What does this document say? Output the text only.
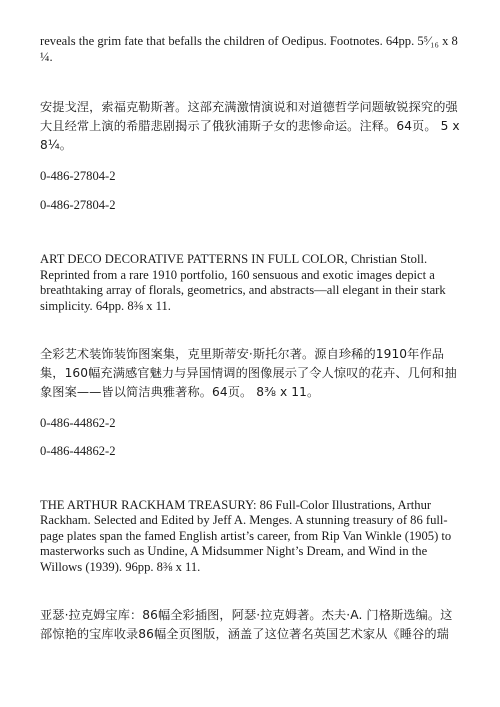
reveals the grim fate that befalls the children of Oedipus. Footnotes. 64pp. 5⁵⁄₁₆ x 8 ¼.

安提戈涅，索福克勒斯著。这部充满激情演说和对道德哲学问题敏锐探究的强大且经常上演的希腊悲剧揭示了俄狄浦斯子女的悲惨命运。注释。64页。 5 x 8¼。

0-486-27804-2

0-486-27804-2

ART DECO DECORATIVE PATTERNS IN FULL COLOR, Christian Stoll. Reprinted from a rare 1910 portfolio, 160 sensuous and exotic images depict a breathtaking array of florals, geometrics, and abstracts—all elegant in their stark simplicity. 64pp. 8⅜ x 11.

全彩艺术装饰装饰图案集，克里斯蒂安·斯托尔著。源自珍稀的1910年作品集，160幅充满感官魅力与异国情调的图像展示了令人惊叹的花卉、几何和抽象图案——皆以简洁典雅著称。64页。 8⅜ x 11。

0-486-44862-2

0-486-44862-2

THE ARTHUR RACKHAM TREASURY: 86 Full-Color Illustrations, Arthur Rackham. Selected and Edited by Jeff A. Menges. A stunning treasury of 86 full-page plates span the famed English artist’s career, from Rip Van Winkle (1905) to masterworks such as Undine, A Midsummer Night’s Dream, and Wind in the Willows (1939). 96pp. 8⅜ x 11.

亚瑟·拉克姆宝库：86幅全彩插图，阿瑟·拉克姆著。杰夫·A. 门格斯选编。这部惊艳的宝库收录86幅全页图版，涵盖了这位著名英国艺术家从《睡谷的瑞
